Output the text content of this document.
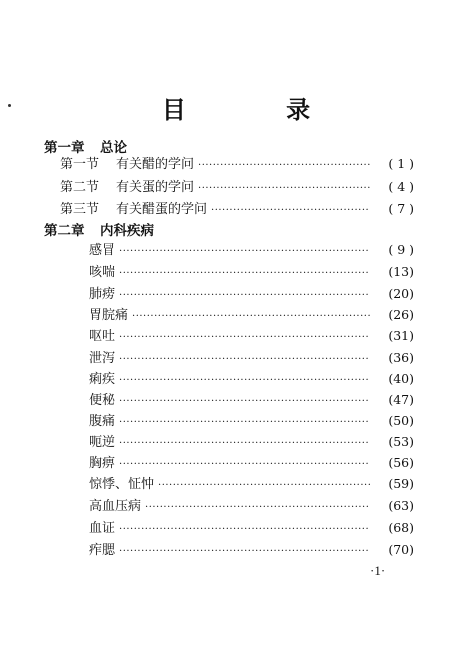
目 录
第一章 总论
第一节	有关醋的学问 ·····	( 1 )
第二节	有关蛋的学问 ·····	( 4 )
第三节	有关醋蛋的学问 ·····	( 7 )
第二章 内科疾病
感冒 ·····	( 9 )
咳喘 ·····	(13)
肺痨 ·····	(20)
胃脘痛 ·····	(26)
呕吐 ·····	(31)
泄泻 ·····	(36)
痢疾 ·····	(40)
便秘 ·····	(47)
腹痛 ·····	(50)
呃逆 ·····	(53)
胸痹 ·····	(56)
惊悸、怔忡 ·····	(59)
高血压病 ·····	(63)
血证 ·····	(68)
痄腮 ·····	(70)
·1·
